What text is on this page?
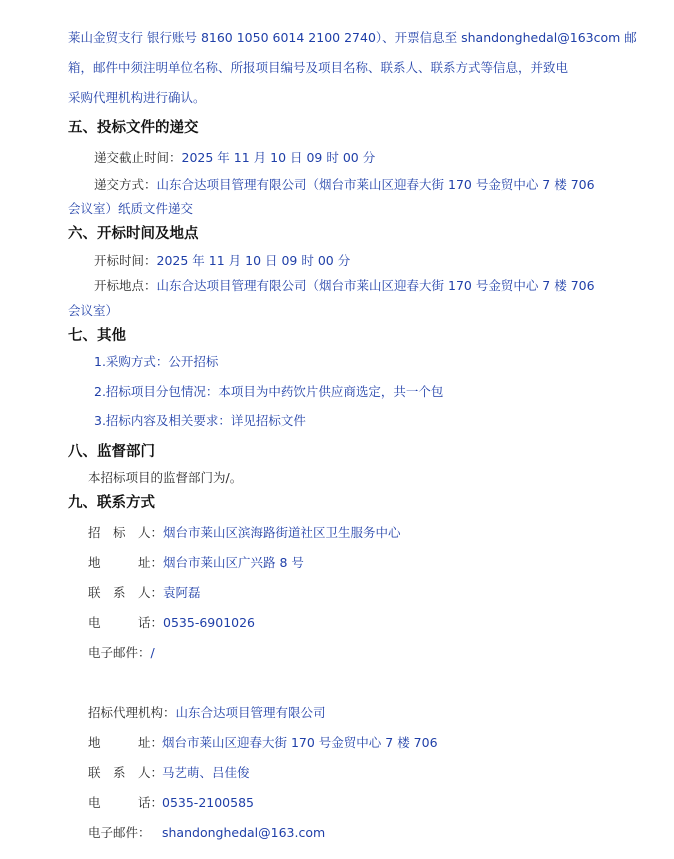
莱山金贸支行 银行账号 8160 1050 6014 2100 2740）、开票信息至 shandonghedal@163com 邮
箱，邮件中须注明单位名称、所报项目编号及项目名称、联系人、联系方式等信息，并致电
采购代理机构进行确认。
五、投标文件的递交
递交截止时间：2025 年 11 月 10 日 09 时 00 分
递交方式：山东合达项目管理有限公司（烟台市莱山区迎春大街 170 号金贸中心 7 楼 706
会议室）纸质文件递交
六、开标时间及地点
开标时间：2025 年 11 月 10 日 09 时 00 分
开标地点：山东合达项目管理有限公司（烟台市莱山区迎春大街 170 号金贸中心 7 楼 706
会议室）
七、其他
1.采购方式：公开招标
2.招标项目分包情况：本项目为中药饮片供应商选定，共一个包
3.招标内容及相关要求：详见招标文件
八、监督部门
本招标项目的监督部门为/。
九、联系方式
招　标　人：烟台市莱山区滨海路街道社区卫生服务中心
地　　　址：烟台市莱山区广兴路 8 号
联　系　人：袁阿磊
电　　　话：0535-6901026
电子邮件：/
招标代理机构：山东合达项目管理有限公司
地　　　址：烟台市莱山区迎春大街 170 号金贸中心 7 楼 706
联　系　人：马艺萌、吕佳俊
电　　　话：0535-2100585
电子邮件： shandonghedal@163.com
